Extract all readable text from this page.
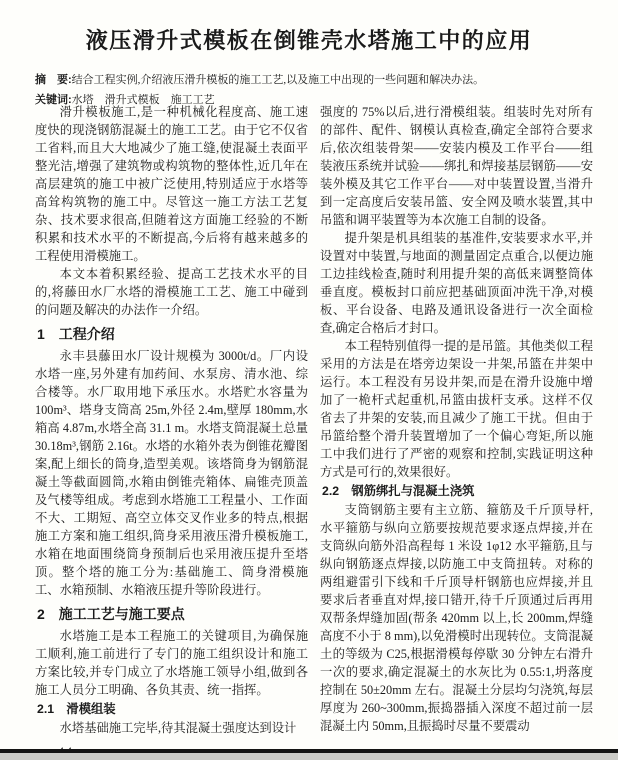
液压滑升式模板在倒锥壳水塔施工中的应用
摘　要:结合工程实例,介绍液压滑升模板的施工工艺,以及施工中出现的一些问题和解决办法。
关键词:水塔　滑升式模板　施工工艺

滑升模板施工,是一种机械化程度高、施工速度快的现浇钢筋混凝土的施工工艺。由于它不仅省工省料,而且大大地减少了施工缝,使混凝土表面平整光洁,增强了建筑物或构筑物的整体性,近几年在高层建筑的施工中被广泛使用,特别适应于水塔等高耸构筑物的施工中。尽管这一施工方法工艺复杂、技术要求很高,但随着这方面施工经验的不断积累和技术水平的不断提高,今后将有越来越多的工程使用滑模施工。

本文本着积累经验、提高工艺技术水平的目的,将藤田水厂水塔的滑模施工工艺、施工中碰到的问题及解决的办法作一介绍。

1　工程介绍

永丰县藤田水厂设计规模为 3000t/d。厂内设水塔一座,另外建有加药间、水泵房、清水池、综合楼等。水厂取用地下承压水。水塔贮水容量为 100m³、塔身支筒高 25m,外径 2.4m,壁厚 180mm,水箱高 4.87m,水塔全高 31.1 m。水塔支筒混凝土总量 30.18m³,钢筋 2.16t。水塔的水箱外表为倒锥花瓣图案,配上细长的筒身,造型美观。该塔筒身为钢筋混凝土等截面圆筒,水箱由倒锥壳箱体、扁锥壳顶盖及气楼等组成。考虑到水塔施工工程量小、工作面不大、工期短、高空立体交叉作业多的特点,根据施工方案和施工组织,筒身采用液压滑升模板施工,水箱在地面围绕筒身预制后也采用液压提升至塔顶。整个塔的施工分为:基础施工、筒身滑模施工、水箱预制、水箱液压提升等阶段进行。

2　施工工艺与施工要点

水塔施工是本工程施工的关键项目,为确保施工顺利,施工前进行了专门的施工组织设计和施工方案比较,并专门成立了水塔施工领导小组,做到各施工人员分工明确、各负其责、统一指挥。

2.1　滑模组装

水塔基础施工完毕,待其混凝土强度达到设计

强度的 75%以后,进行滑模组装。组装时先对所有的部件、配件、钢模认真检查,确定全部符合要求后,依次组装骨架——安装内模及工作平台——组装液压系统并试验——绑扎和焊接基层钢筋——安装外模及其它工作平台——对中装置设置,当滑升到一定高度后安装吊篮、安全网及喷水装置,其中吊篮和调平装置等为本次施工自制的设备。

提升架是机具组装的基准件,安装要求水平,并设置对中装置,与地面的测量固定点重合,以便边施工边挂线检查,随时利用提升架的高低来调整筒体垂直度。模板封口前应把基础顶面冲洗干净,对模板、平台设备、电路及通讯设备进行一次全面检查,确定合格后才封口。

本工程特别值得一提的是吊篮。其他类似工程采用的方法是在塔旁边架设一井架,吊篮在井架中运行。本工程没有另设井架,而是在滑升设施中增加了一桅杆式起重机,吊篮由拔杆支承。这样不仅省去了井架的安装,而且减少了施工干扰。但由于吊篮给整个滑升装置增加了一个偏心弯矩,所以施工中我们进行了严密的观察和控制,实践证明这种方式是可行的,效果很好。

2.2　钢筋绑扎与混凝土浇筑

支筒钢筋主要有主立筋、箍筋及千斤顶导杆,水平箍筋与纵向立筋要按规范要求逐点焊接,并在支筒纵向筋外沿高程每 1 米设 1φ12 水平箍筋,且与纵向钢筋逐点焊接,以防施工中支筒扭转。对称的两组避雷引下线和千斤顶导杆钢筋也应焊接,并且要求后者垂直对焊,接口错开,待千斤顶通过后再用双帮条焊缝加固(帮条 420mm 以上,长 200mm,焊缝高度不小于 8 mm),以免滑模时出现转位。支筒混凝土的等级为 C25,根据滑模每停歇 30 分钟左右滑升一次的要求,确定混凝土的水灰比为 0.55:1,坍落度控制在 50±20mm 左右。混凝土分层均匀浇筑,每层厚度为 260~300mm,振捣器插入深度不超过前一层混凝土内 50mm,且振捣时尽量不要震动
